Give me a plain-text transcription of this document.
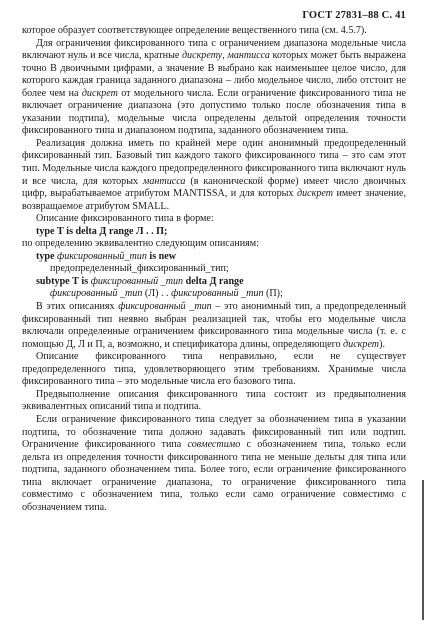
ГОСТ 27831–88 С. 41

которое образует соответствующее определение вещественного типа (см. 4.5.7).

Для ограничения фиксированного типа с ограничением диапазона модельные числа включают нуль и все числа, кратные дискрету, мантисса которых может быть выражена точно В двоичными цифрами, а значение В выбрано как наименьшее целое число, для которого каждая граница заданного диапазона – либо модельное число, либо отстоит не более чем на дискрет от модельного числа. Если ограничение фиксированного типа не включает ограничение диапазона (это допустимо только после обозначения типа в указании подтипа), модельные числа определены дельтой определения точности фиксированного типа и диапазоном подтипа, заданного обозначением типа.

Реализация должна иметь по крайней мере один анонимный предопределенный фиксированный тип. Базовый тип каждого такого фиксированного типа – это сам этот тип. Модельные числа каждого предопределенного фиксированного типа включают нуль и все числа, для которых мантисса (в канонической форме) имеет число двоичных цифр, вырабатываемое атрибутом MANTISSA, и для которых дискрет имеет значение, возвращаемое атрибутом SMALL.

Описание фиксированного типа в форме:

type Т is delta Д range Л . . П;

по определению эквивалентно следующим описаниям:

type фиксированный_тип is new

предопределенный_фиксированный_тип;

subtype Т is фиксированный _тип delta Д range

фиксированный _тип (Л) . . фиксированный _тип (П);

В этих описаниях фиксированный _тип – это анонимный тип, а предопределенный фиксированный тип неявно выбран реализацией так, чтобы его модельные числа включали определенные ограничением фиксированного типа модельные числа (т. е. с помощью Д, Л и П, а, возможно, и спецификатора длины, определяющего дискрет).

Описание фиксированного типа неправильно, если не существует предопределенного типа, удовлетворяющего этим требованиям. Хранимые числа фиксированного типа – это модельные числа его базового типа.

Предвыполнение описания фиксированного типа состоит из предвыполнения эквивалентных описаний типа и подтипа.

Если ограничение фиксированного типа следует за обозначением типа в указании подтипа, то обозначение типа должно задавать фиксированный тип или подтип. Ограничение фиксированного типа совместимо с обозначением типа, только если дельта из определения точности фиксированного типа не меньше дельты для типа или подтипа, заданного обозначением типа. Более того, если ограничение фиксированного типа включает ограничение диапазона, то ограничение фиксированного типа совместимо с обозначением типа, только если само ограничение совместимо с обозначением типа.
